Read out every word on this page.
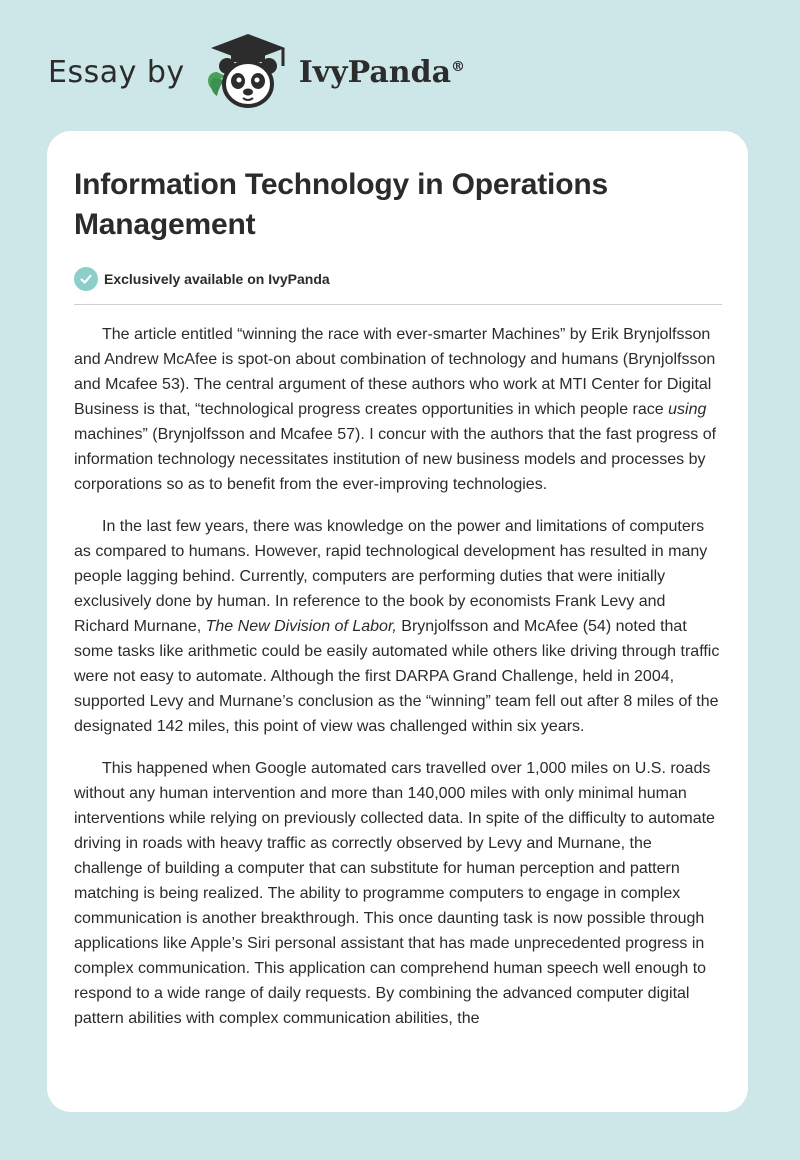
Essay by	IvyPanda®
Information Technology in Operations Management
Exclusively available on IvyPanda

The article entitled “winning the race with ever-smarter Machines” by Erik Brynjolfsson and Andrew McAfee is spot-on about combination of technology and humans (Brynjolfsson and Mcafee 53). The central argument of these authors who work at MTI Center for Digital Business is that, “technological progress creates opportunities in which people race using machines” (Brynjolfsson and Mcafee 57). I concur with the authors that the fast progress of information technology necessitates institution of new business models and processes by corporations so as to benefit from the ever-improving technologies.

In the last few years, there was knowledge on the power and limitations of computers as compared to humans. However, rapid technological development has resulted in many people lagging behind. Currently, computers are performing duties that were initially exclusively done by human. In reference to the book by economists Frank Levy and Richard Murnane, The New Division of Labor, Brynjolfsson and McAfee (54) noted that some tasks like arithmetic could be easily automated while others like driving through traffic were not easy to automate. Although the first DARPA Grand Challenge, held in 2004, supported Levy and Murnane’s conclusion as the “winning” team fell out after 8 miles of the designated 142 miles, this point of view was challenged within six years.

This happened when Google automated cars travelled over 1,000 miles on U.S. roads without any human intervention and more than 140,000 miles with only minimal human interventions while relying on previously collected data. In spite of the difficulty to automate driving in roads with heavy traffic as correctly observed by Levy and Murnane, the challenge of building a computer that can substitute for human perception and pattern matching is being realized. The ability to programme computers to engage in complex communication is another breakthrough. This once daunting task is now possible through applications like Apple’s Siri personal assistant that has made unprecedented progress in complex communication. This application can comprehend human speech well enough to respond to a wide range of daily requests. By combining the advanced computer digital pattern abilities with complex communication abilities, the
